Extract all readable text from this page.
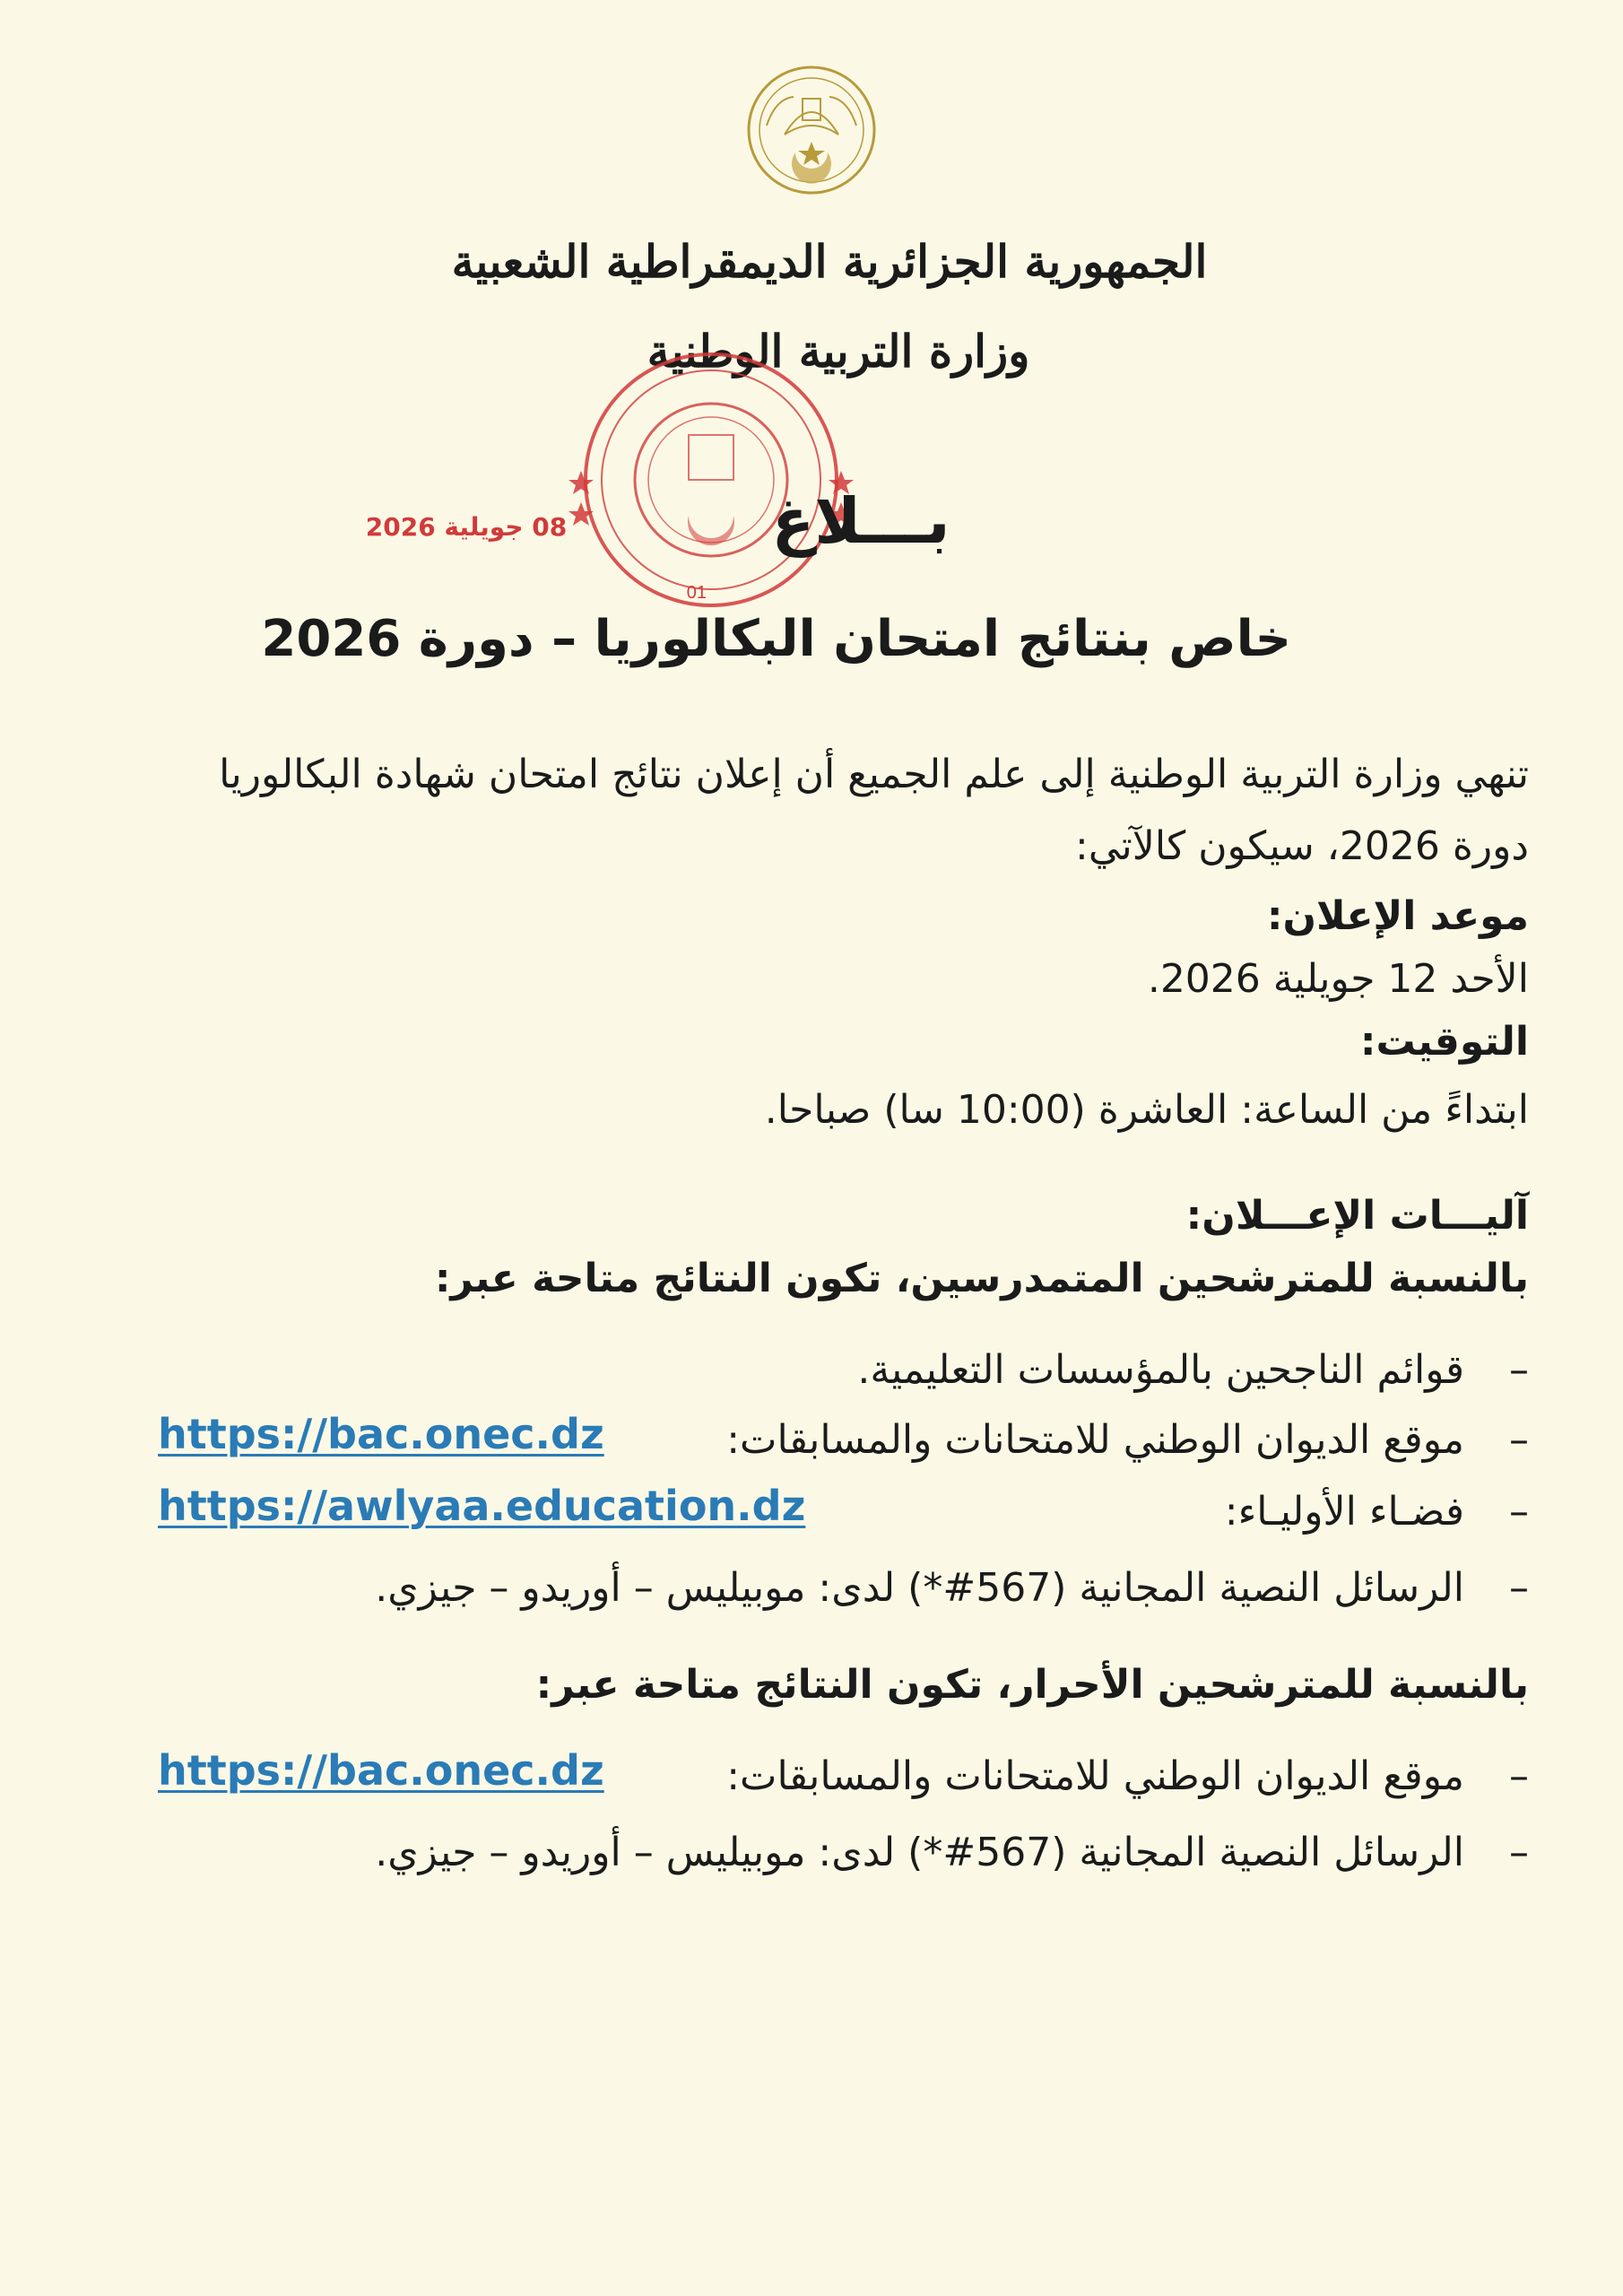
الجمهورية الجزائرية الديمقراطية الشعبية
وزارة التربية الوطنية
01
08 جويلية 2026	بـــلاغ
خاص بنتائج امتحان البكالوريا – دورة 2026
تنهي وزارة التربية الوطنية إلى علم الجميع أن إعلان نتائج امتحان شهادة البكالوريا
دورة 2026، سيكون كالآتي:
موعد الإعلان:
الأحد 12 جويلية 2026.
التوقيت:
ابتداءً من الساعة: العاشرة (10:00 سا) صباحا.
آليـــات الإعـــلان:
بالنسبة للمترشحين المتمدرسين، تكون النتائج متاحة عبر:
–
قوائم الناجحين بالمؤسسات التعليمية.
–
موقع الديوان الوطني للامتحانات والمسابقات:
https://bac.onec.dz
–
فضـاء الأوليـاء:
https://awlyaa.education.dz
–
الرسائل النصية المجانية (567#*) لدى: موبيليس – أوريدو – جيزي.
بالنسبة للمترشحين الأحرار، تكون النتائج متاحة عبر:
–
موقع الديوان الوطني للامتحانات والمسابقات:
https://bac.onec.dz
–
الرسائل النصية المجانية (567#*) لدى: موبيليس – أوريدو – جيزي.
